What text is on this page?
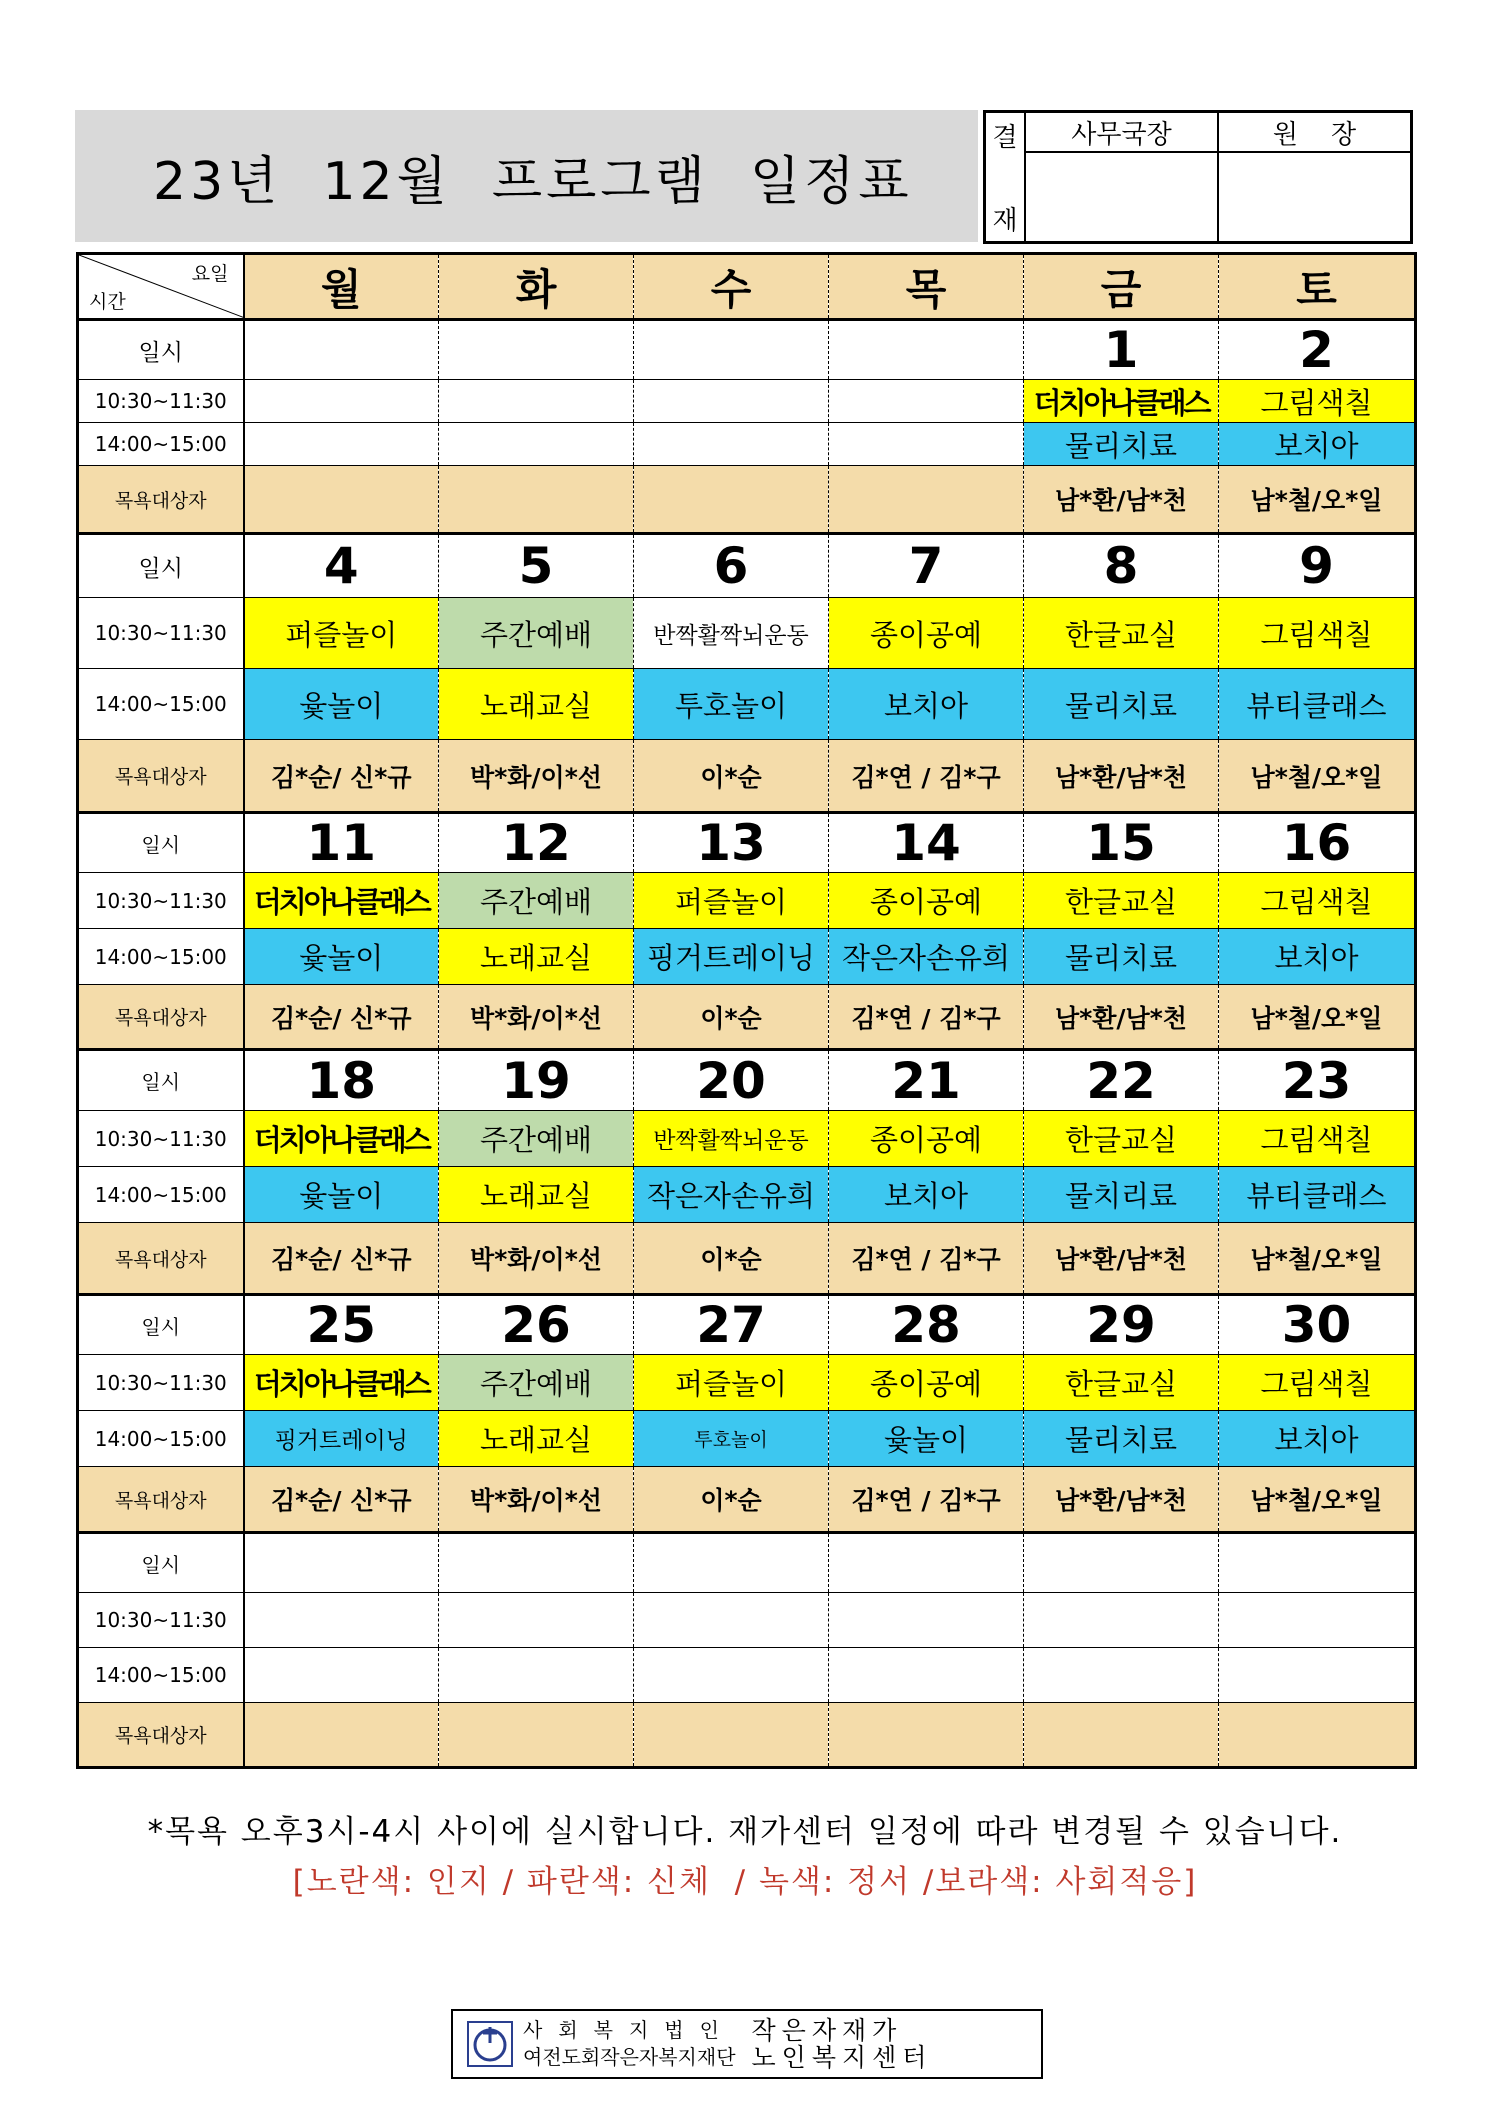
23년  12월  프로그램  일정표
결
재
사무국장	원    장
요일
시간	월	화	수	목	금	토
일시					1	2
10:30~11:30					더치아나클래스	그림색칠
14:00~15:00					물리치료	보치아
목욕대상자					남*환/남*천	남*철/오*일
일시	4	5	6	7	8	9
10:30~11:30	퍼즐놀이	주간예배	반짝활짝뇌운동	종이공예	한글교실	그림색칠
14:00~15:00	윷놀이	노래교실	투호놀이	보치아	물리치료	뷰티클래스
목욕대상자	김*순/ 신*규	박*화/이*선	이*순	김*연 / 김*구	남*환/남*천	남*철/오*일
일시	11	12	13	14	15	16
10:30~11:30	더치아나클래스	주간예배	퍼즐놀이	종이공예	한글교실	그림색칠
14:00~15:00	윷놀이	노래교실	핑거트레이닝	작은자손유희	물리치료	보치아
목욕대상자	김*순/ 신*규	박*화/이*선	이*순	김*연 / 김*구	남*환/남*천	남*철/오*일
일시	18	19	20	21	22	23
10:30~11:30	더치아나클래스	주간예배	반짝활짝뇌운동	종이공예	한글교실	그림색칠
14:00~15:00	윷놀이	노래교실	작은자손유희	보치아	물치리료	뷰티클래스
목욕대상자	김*순/ 신*규	박*화/이*선	이*순	김*연 / 김*구	남*환/남*천	남*철/오*일
일시	25	26	27	28	29	30
10:30~11:30	더치아나클래스	주간예배	퍼즐놀이	종이공예	한글교실	그림색칠
14:00~15:00	핑거트레이닝	노래교실	투호놀이	윷놀이	물리치료	보치아
목욕대상자	김*순/ 신*규	박*화/이*선	이*순	김*연 / 김*구	남*환/남*천	남*철/오*일
일시						
10:30~11:30						
14:00~15:00						
목욕대상자						
*목욕 오후3시-4시 사이에 실시합니다. 재가센터 일정에 따라 변경될 수 있습니다.
[노란색: 인지 / 파란색: 신체  / 녹색: 정서 /보라색: 사회적응]
사회복지법인
여전도회작은자복지재단
작은자재가
노인복지센터
